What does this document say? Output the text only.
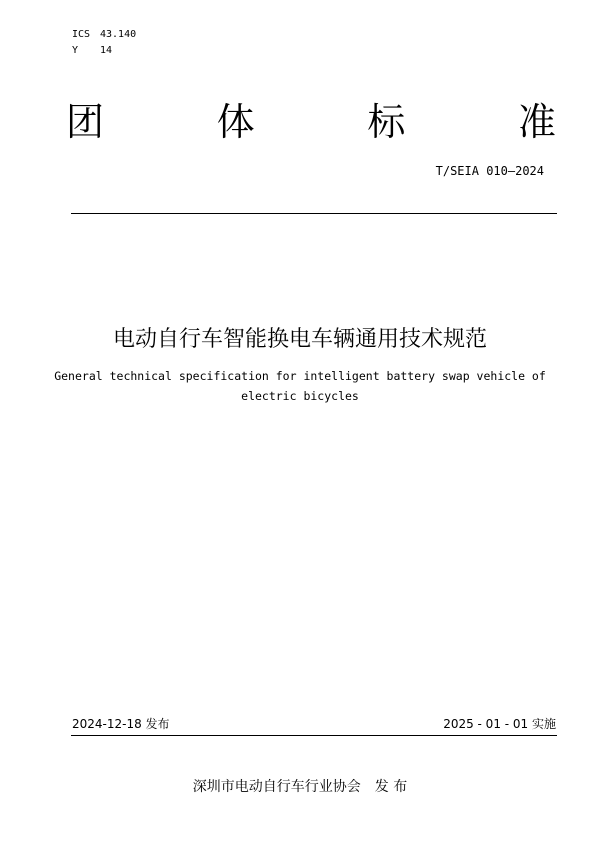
ICS 43.140
Y 14
团	体	标	准
T/SEIA 010—2024
电动自行车智能换电车辆通用技术规范
General technical specification for intelligent battery swap vehicle of
electric bicycles
2024-12-18 发布	2025 - 01 - 01 实施
深圳市电动自行车行业协会 发 布
